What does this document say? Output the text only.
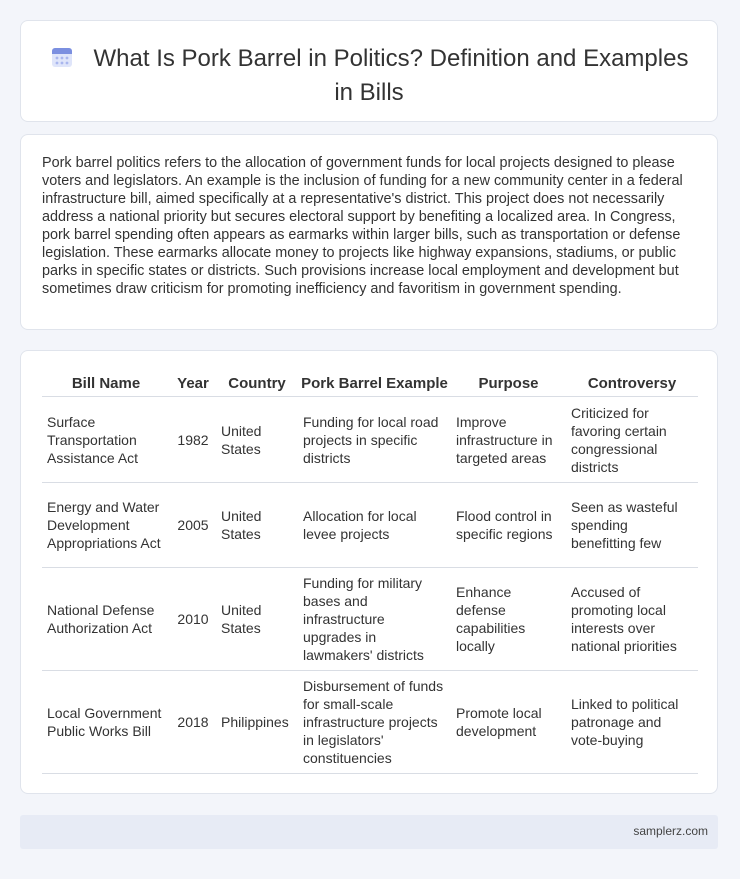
What Is Pork Barrel in Politics? Definition and Examples in Bills
Pork barrel politics refers to the allocation of government funds for local projects designed to please voters and legislators. An example is the inclusion of funding for a new community center in a federal infrastructure bill, aimed specifically at a representative's district. This project does not necessarily address a national priority but secures electoral support by benefiting a localized area. In Congress, pork barrel spending often appears as earmarks within larger bills, such as transportation or defense legislation. These earmarks allocate money to projects like highway expansions, stadiums, or public parks in specific states or districts. Such provisions increase local employment and development but sometimes draw criticism for promoting inefficiency and favoritism in government spending.
Bill Name	Year	Country	Pork Barrel Example	Purpose	Controversy
Surface Transportation Assistance Act	1982	United States	Funding for local road projects in specific districts	Improve infrastructure in targeted areas	Criticized for favoring certain congressional districts
Energy and Water Development Appropriations Act	2005	United States	Allocation for local levee projects	Flood control in specific regions	Seen as wasteful spending benefitting few
National Defense Authorization Act	2010	United States	Funding for military bases and infrastructure upgrades in lawmakers' districts	Enhance defense capabilities locally	Accused of promoting local interests over national priorities
Local Government Public Works Bill	2018	Philippines	Disbursement of funds for small-scale infrastructure projects in legislators' constituencies	Promote local development	Linked to political patronage and vote-buying
samplerz.com
